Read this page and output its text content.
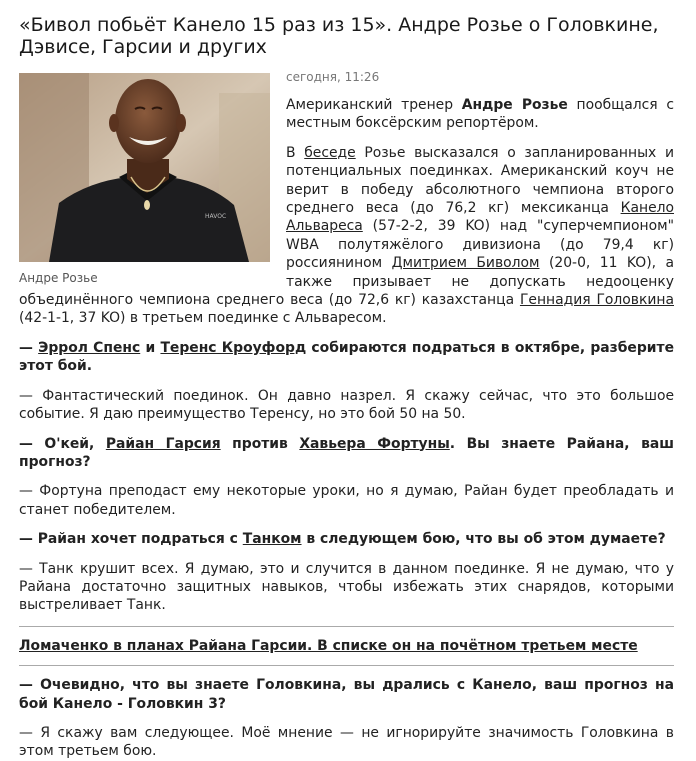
«Бивол побьёт Канело 15 раз из 15». Андре Розье о Головкине, Дэвисе, Гарсии и других
HAVOC
Андре Розье
сегодня, 11:26

Американский тренер Андре Розье пообщался с местным боксёрским репортёром.

В беседе Розье высказался о запланированных и потенциальных поединках. Американский коуч не верит в победу абсолютного чемпиона второго среднего веса (до 76,2 кг) мексиканца Канело Альвареса (57-2-2, 39 KO) над "суперчемпионом" WBA полутяжёлого дивизиона (до 79,4 кг) россиянином Дмитрием Биволом (20-0, 11 KO), а также призывает не допускать недооценку объединённого чемпиона среднего веса (до 72,6 кг) казахстанца Геннадия Головкина (42-1-1, 37 KO) в третьем поединке с Альваресом.

— Эррол Спенс и Теренс Кроуфорд собираются подраться в октябре, разберите этот бой.

— Фантастический поединок. Он давно назрел. Я скажу сейчас, что это большое событие. Я даю преимущество Теренсу, но это бой 50 на 50.

— О'кей, Райан Гарсия против Хавьера Фортуны. Вы знаете Райана, ваш прогноз?

— Фортуна преподаст ему некоторые уроки, но я думаю, Райан будет преобладать и станет победителем.

— Райан хочет подраться с Танком в следующем бою, что вы об этом думаете?

— Танк крушит всех. Я думаю, это и случится в данном поединке. Я не думаю, что у Райана достаточно защитных навыков, чтобы избежать этих снарядов, которыми выстреливает Танк.

Ломаченко в планах Райана Гарсии. В списке он на почётном третьем месте

— Очевидно, что вы знаете Головкина, вы дрались с Канело, ваш прогноз на бой Канело - Головкин 3?

— Я скажу вам следующее. Моё мнение — не игнорируйте значимость Головкина в этом третьем бою.
